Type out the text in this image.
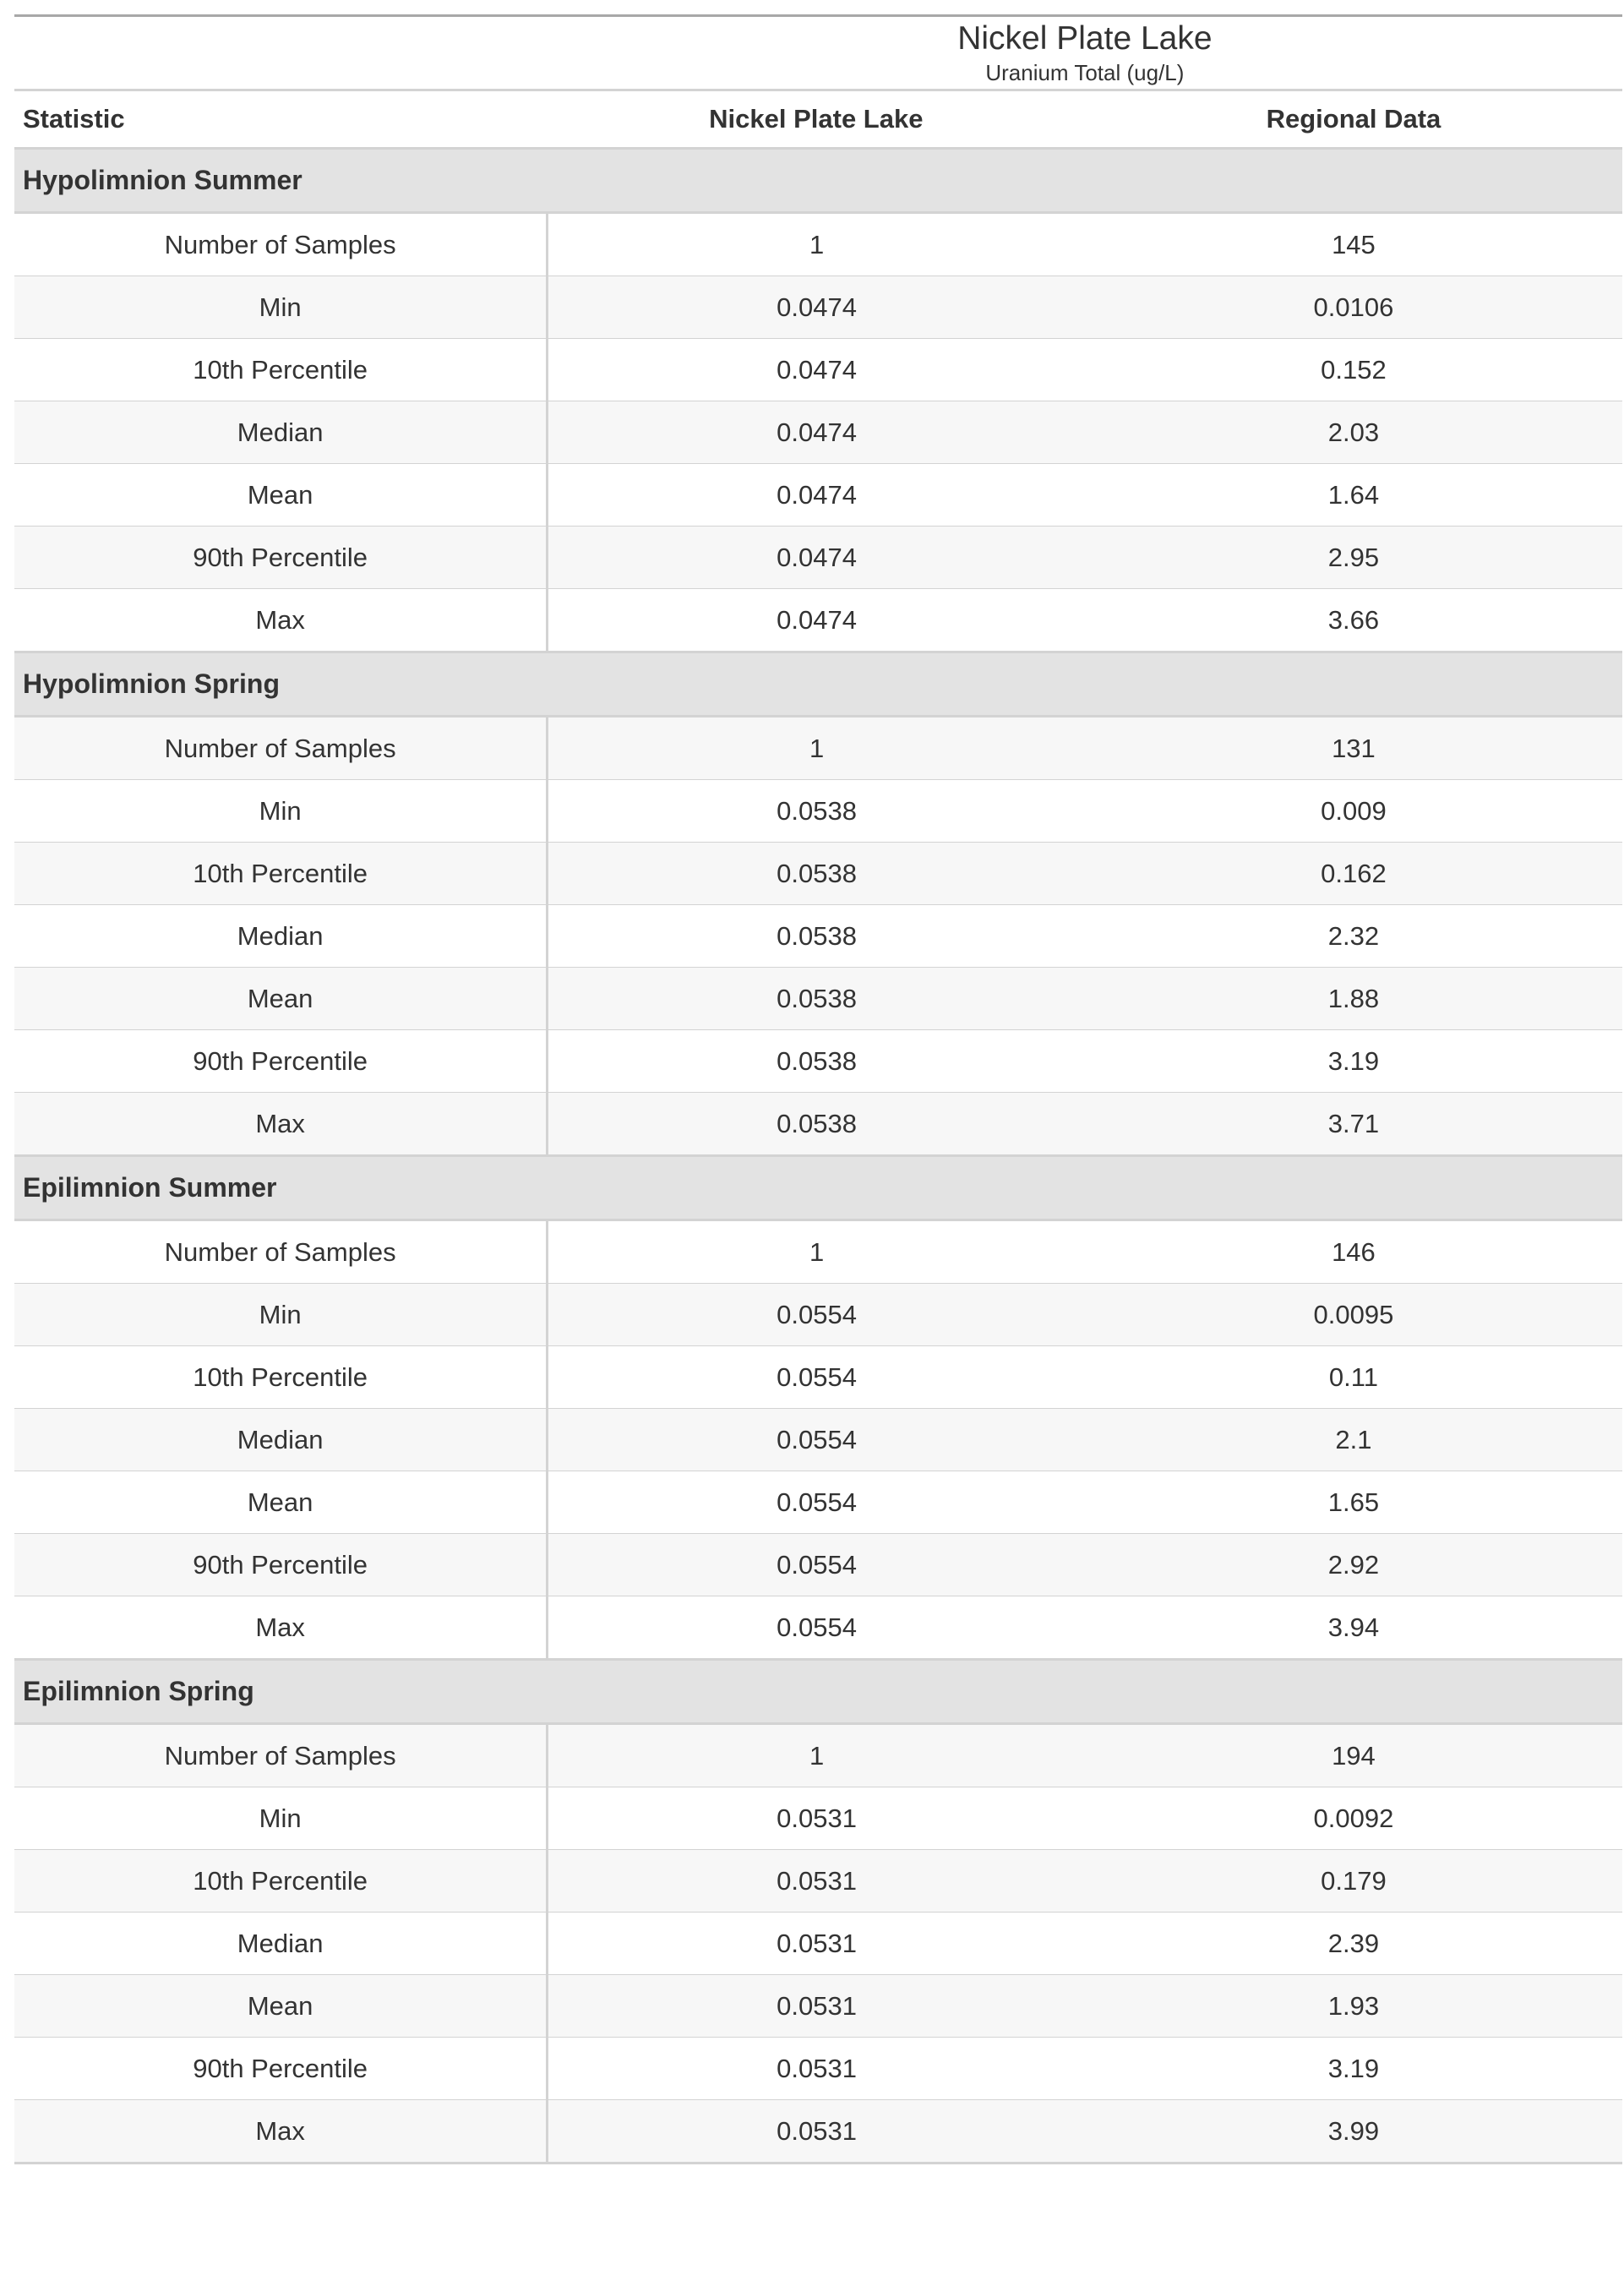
	Nickel Plate Lake
Uranium Total (ug/L)	

Statistic	Nickel Plate Lake	Regional Data
Hypolimnion Summer		
Number of Samples	1	145
Min	0.0474	0.0106
10th Percentile	0.0474	0.152
Median	0.0474	2.03
Mean	0.0474	1.64
90th Percentile	0.0474	2.95
Max	0.0474	3.66
Hypolimnion Spring		
Number of Samples	1	131
Min	0.0538	0.009
10th Percentile	0.0538	0.162
Median	0.0538	2.32
Mean	0.0538	1.88
90th Percentile	0.0538	3.19
Max	0.0538	3.71
Epilimnion Summer		
Number of Samples	1	146
Min	0.0554	0.0095
10th Percentile	0.0554	0.11
Median	0.0554	2.1
Mean	0.0554	1.65
90th Percentile	0.0554	2.92
Max	0.0554	3.94
Epilimnion Spring		
Number of Samples	1	194
Min	0.0531	0.0092
10th Percentile	0.0531	0.179
Median	0.0531	2.39
Mean	0.0531	1.93
90th Percentile	0.0531	3.19
Max	0.0531	3.99
